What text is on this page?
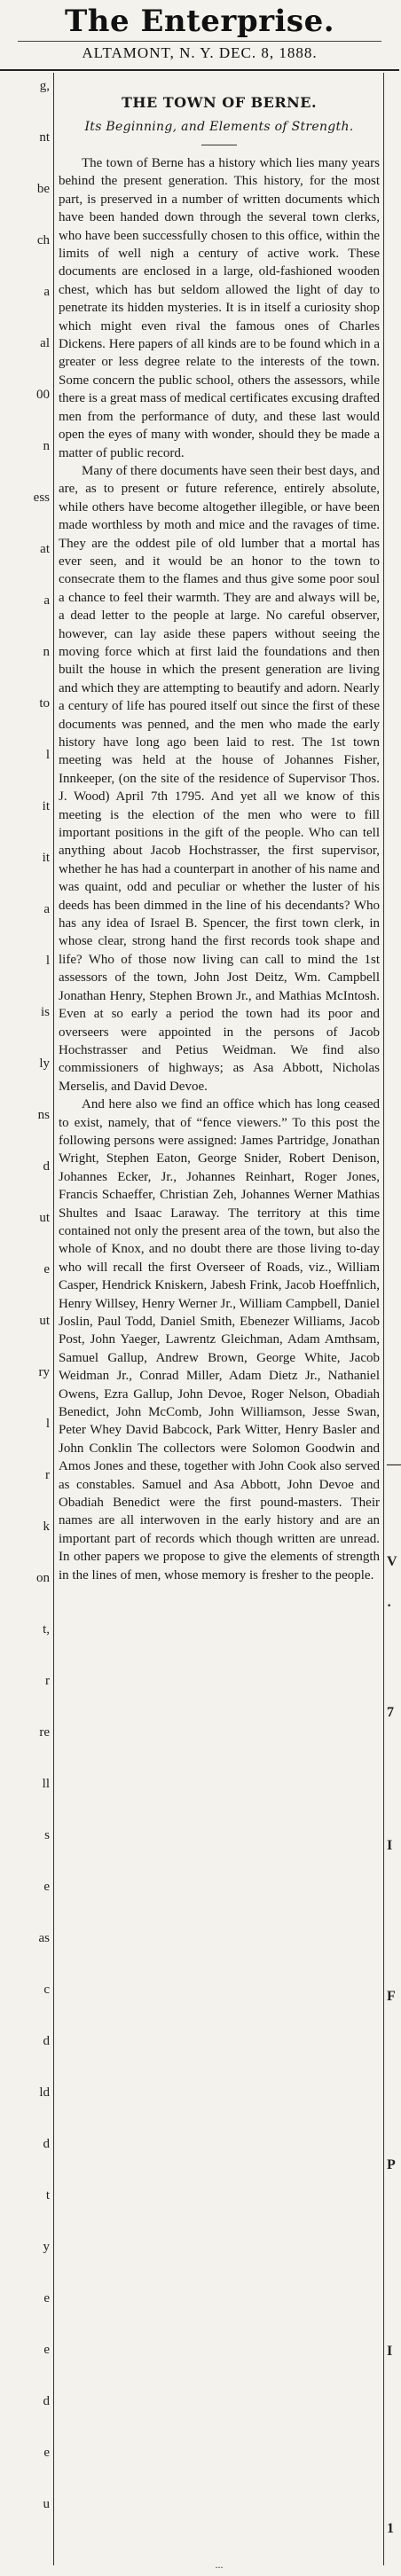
The Enterprise.
ALTAMONT, N. Y. DEC. 8, 1888.
g,
nt
be
ch
a
al
00
n
ess
at
a
n
to
l
it
it
a
l
is
ly
ns
d
ut
e
ut
ry
l
r
k
on
t,
r
re
ll
s
e
as
c
d
ld
d
t
y
e
e
d
e
u
—
V
·
7
I
F
P
I
1
THE TOWN OF BERNE.
Its Beginning, and Elements of Strength.

The town of Berne has a history which lies many years behind the present generation. This history, for the most part, is preserved in a number of written documents which have been handed down through the several town clerks, who have been successfully chosen to this office, within the limits of well nigh a century of active work. These documents are enclosed in a large, old-fashioned wooden chest, which has but seldom allowed the light of day to penetrate its hidden mysteries. It is in itself a curiosity shop which might even rival the famous ones of Charles Dickens. Here papers of all kinds are to be found which in a greater or less degree relate to the interests of the town. Some concern the public school, others the assessors, while there is a great mass of medical certificates excusing drafted men from the performance of duty, and these last would open the eyes of many with wonder, should they be made a matter of public record.

Many of there documents have seen their best days, and are, as to present or future reference, entirely absolute, while others have become altogether illegible, or have been made worthless by moth and mice and the ravages of time. They are the oddest pile of old lumber that a mortal has ever seen, and it would be an honor to the town to consecrate them to the flames and thus give some poor soul a chance to feel their warmth. They are and always will be, a dead letter to the people at large. No careful observer, however, can lay aside these papers without seeing the moving force which at first laid the foundations and then built the house in which the present generation are living and which they are attempting to beautify and adorn. Nearly a century of life has poured itself out since the first of these documents was penned, and the men who made the early history have long ago been laid to rest. The 1st town meeting was held at the house of Johannes Fisher, Innkeeper, (on the site of the residence of Supervisor Thos. J. Wood) April 7th 1795. And yet all we know of this meeting is the election of the men who were to fill important positions in the gift of the people. Who can tell anything about Jacob Hochstrasser, the first supervisor, whether he has had a counterpart in another of his name and was quaint, odd and peculiar or whether the luster of his deeds has been dimmed in the line of his decendants? Who has any idea of Israel B. Spencer, the first town clerk, in whose clear, strong hand the first records took shape and life? Who of those now living can call to mind the 1st assessors of the town, John Jost Deitz, Wm. Campbell Jonathan Henry, Stephen Brown Jr., and Mathias McIntosh. Even at so early a period the town had its poor and overseers were appointed in the persons of Jacob Hochstrasser and Petius Weidman. We find also commissioners of highways; as Asa Abbott, Nicholas Merselis, and David Devoe.

And here also we find an office which has long ceased to exist, namely, that of “fence viewers.” To this post the following persons were assigned: James Partridge, Jonathan Wright, Stephen Eaton, George Snider, Robert Denison, Johannes Ecker, Jr., Johannes Reinhart, Roger Jones, Francis Schaeffer, Christian Zeh, Johannes Werner Mathias Shultes and Isaac Laraway. The territory at this time contained not only the present area of the town, but also the whole of Knox, and no doubt there are those living to-day who will recall the first Overseer of Roads, viz., William Casper, Hendrick Kniskern, Jabesh Frink, Jacob Hoeffnlich, Henry Willsey, Henry Werner Jr., William Campbell, Daniel Joslin, Paul Todd, Daniel Smith, Ebenezer Williams, Jacob Post, John Yaeger, Lawrentz Gleichman, Adam Amthsam, Samuel Gallup, Andrew Brown, George White, Jacob Weidman Jr., Conrad Miller, Adam Dietz Jr., Nathaniel Owens, Ezra Gallup, John Devoe, Roger Nelson, Obadiah Benedict, John McComb, John Williamson, Jesse Swan, Peter Whey David Babcock, Park Witter, Henry Basler and John Conklin The collectors were Solomon Goodwin and Amos Jones and these, together with John Cook also served as constables. Samuel and Asa Abbott, John Devoe and Obadiah Benedict were the first pound-masters. Their names are all interwoven in the early history and are an important part of records which though written are unread. In other papers we propose to give the elements of strength in the lines of men, whose memory is fresher to the people.

...
